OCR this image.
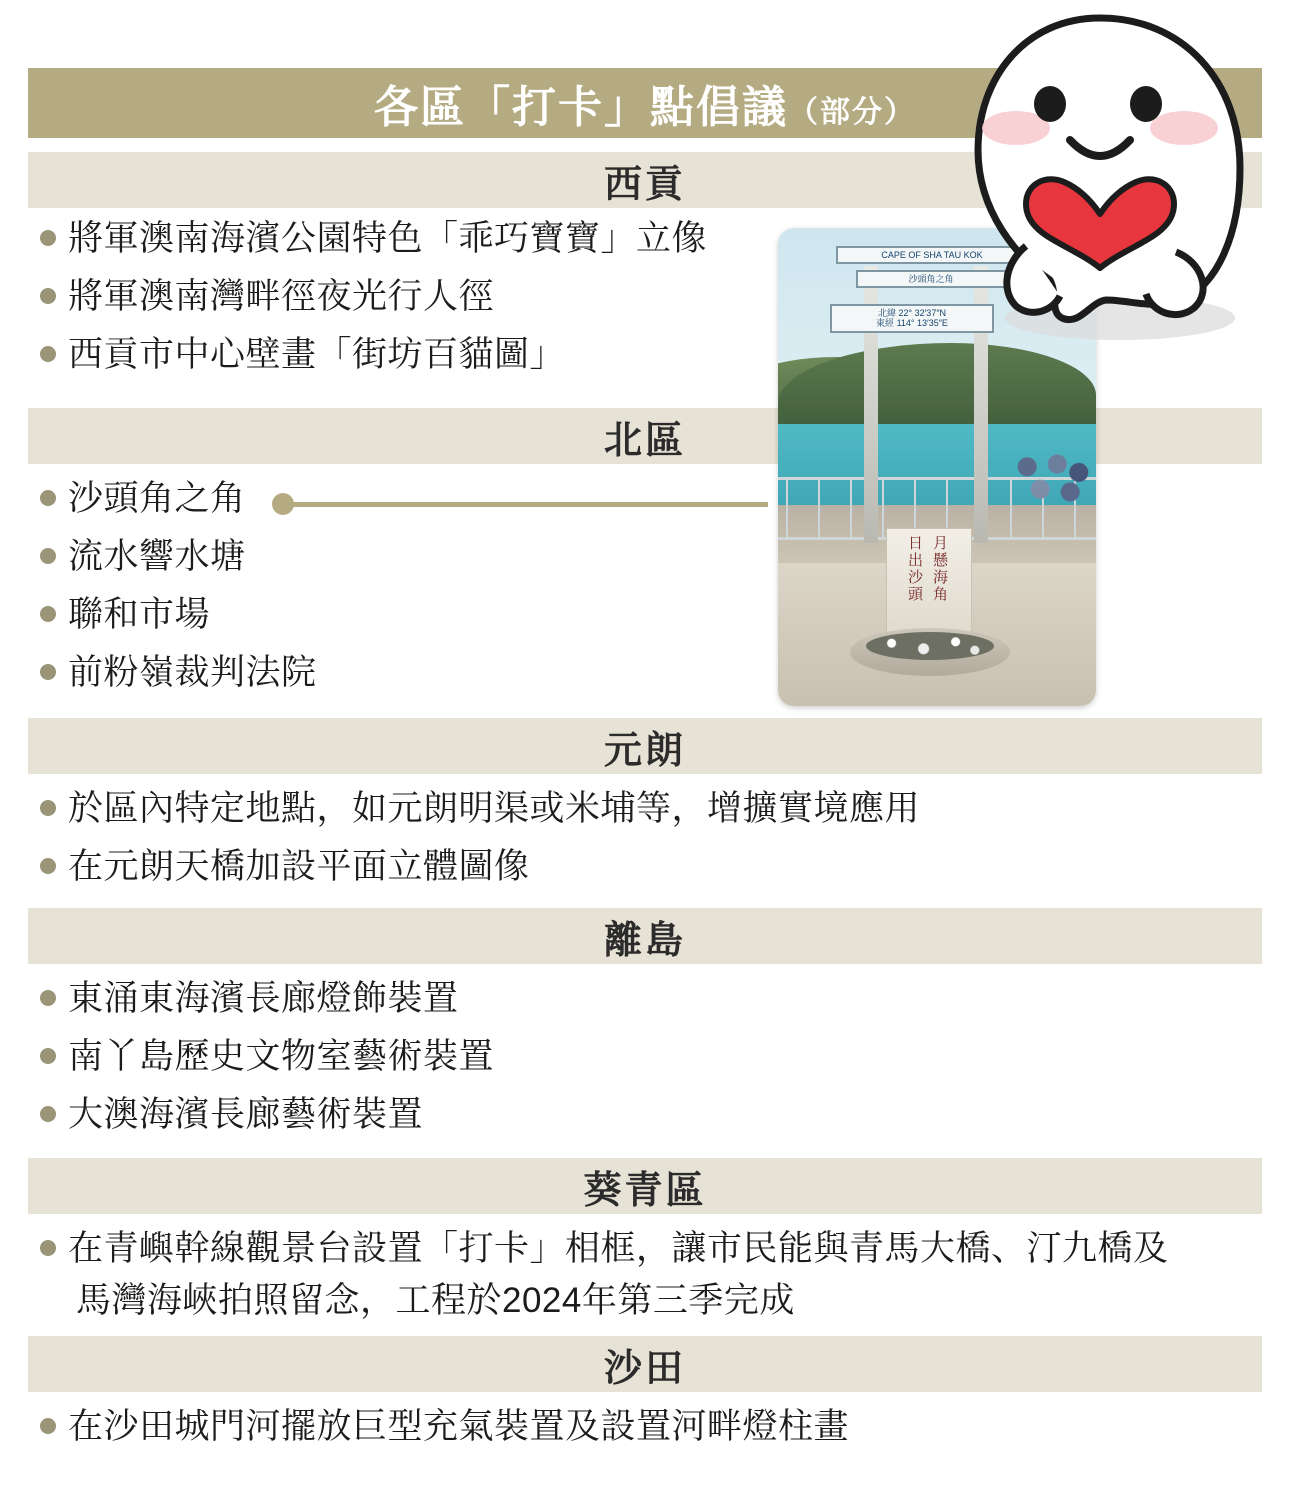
各區「打卡」點倡議（部分）
西貢
將軍澳南海濱公園特色「乖巧寶寶」立像
將軍澳南灣畔徑夜光行人徑
西貢市中心壁畫「街坊百貓圖」
北區
沙頭角之角
流水響水塘
聯和市場
前粉嶺裁判法院
元朗
於區內特定地點，如元朗明渠或米埔等，增擴實境應用
在元朗天橋加設平面立體圖像
離島
東涌東海濱長廊燈飾裝置
南丫島歷史文物室藝術裝置
大澳海濱長廊藝術裝置
葵青區
在青嶼幹線觀景台設置「打卡」相框，讓市民能與青馬大橋、汀九橋及
馬灣海峽拍照留念，工程於2024年第三季完成
沙田
在沙田城門河擺放巨型充氣裝置及設置河畔燈柱畫
CAPE OF SHA TAU KOK
沙頭角之角
北緯 22° 32′37″N
東經 114° 13′35″E
月懸海角
日出沙頭
